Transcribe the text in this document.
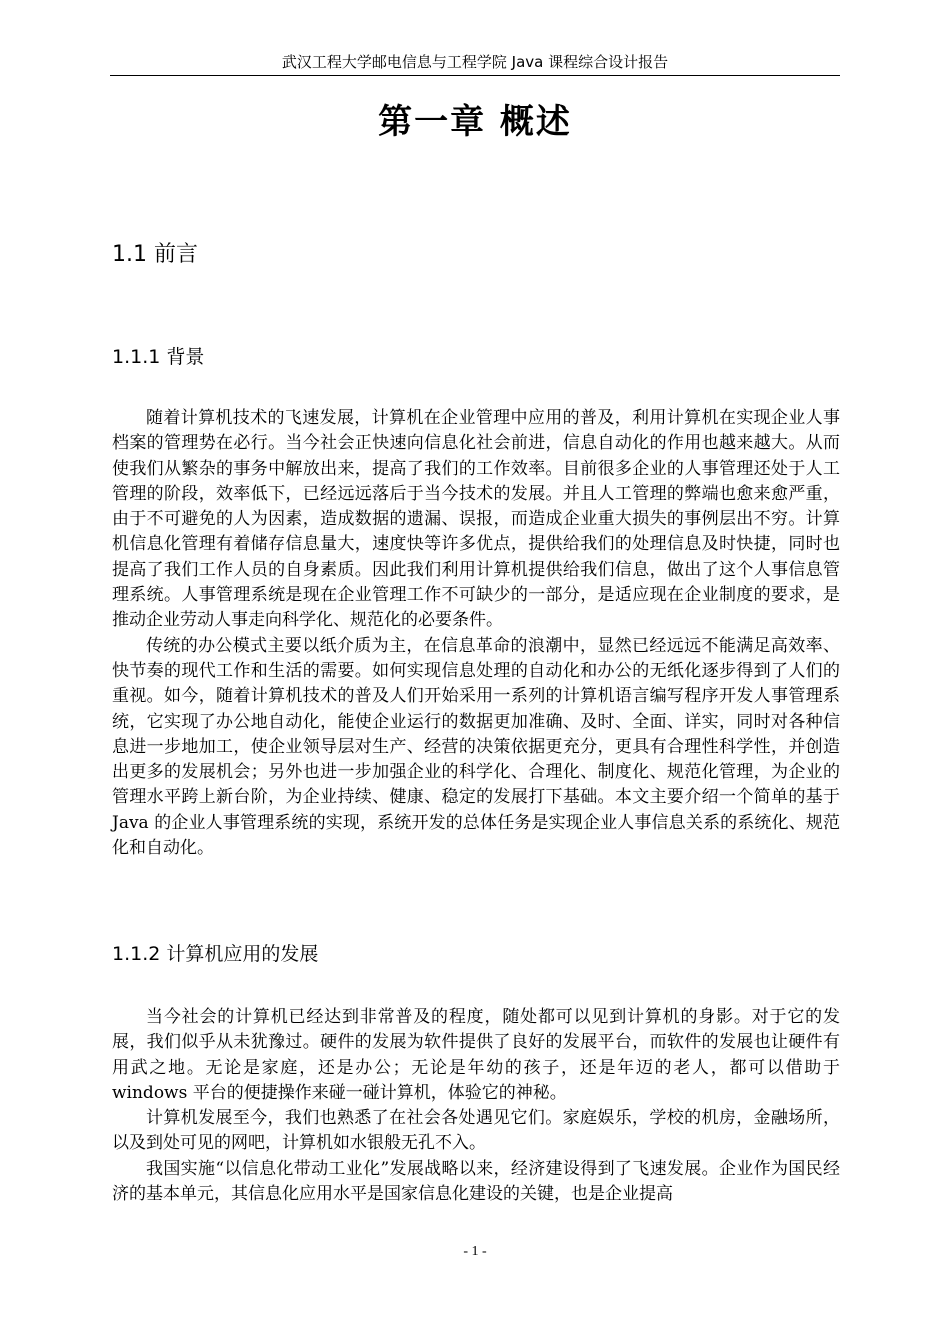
武汉工程大学邮电信息与工程学院 Java 课程综合设计报告
第一章 概述
1.1 前言
1.1.1 背景

随着计算机技术的飞速发展，计算机在企业管理中应用的普及，利用计算机在实现企业人事档案的管理势在必行。当今社会正快速向信息化社会前进，信息自动化的作用也越来越大。从而使我们从繁杂的事务中解放出来，提高了我们的工作效率。目前很多企业的人事管理还处于人工管理的阶段，效率低下，已经远远落后于当今技术的发展。并且人工管理的弊端也愈来愈严重，由于不可避免的人为因素，造成数据的遗漏、误报，而造成企业重大损失的事例层出不穷。计算机信息化管理有着储存信息量大，速度快等许多优点，提供给我们的处理信息及时快捷，同时也提高了我们工作人员的自身素质。因此我们利用计算机提供给我们信息，做出了这个人事信息管理系统。人事管理系统是现在企业管理工作不可缺少的一部分，是适应现在企业制度的要求，是推动企业劳动人事走向科学化、规范化的必要条件。

传统的办公模式主要以纸介质为主，在信息革命的浪潮中，显然已经远远不能满足高效率、快节奏的现代工作和生活的需要。如何实现信息处理的自动化和办公的无纸化逐步得到了人们的重视。如今，随着计算机技术的普及人们开始采用一系列的计算机语言编写程序开发人事管理系统，它实现了办公地自动化，能使企业运行的数据更加准确、及时、全面、详实，同时对各种信息进一步地加工，使企业领导层对生产、经营的决策依据更充分，更具有合理性科学性，并创造出更多的发展机会；另外也进一步加强企业的科学化、合理化、制度化、规范化管理，为企业的管理水平跨上新台阶，为企业持续、健康、稳定的发展打下基础。本文主要介绍一个简单的基于 Java 的企业人事管理系统的实现，系统开发的总体任务是实现企业人事信息关系的系统化、规范化和自动化。

1.1.2 计算机应用的发展

当今社会的计算机已经达到非常普及的程度，随处都可以见到计算机的身影。对于它的发展，我们似乎从未犹豫过。硬件的发展为软件提供了良好的发展平台，而软件的发展也让硬件有用武之地。无论是家庭，还是办公；无论是年幼的孩子，还是年迈的老人，都可以借助于 windows 平台的便捷操作来碰一碰计算机，体验它的神秘。

计算机发展至今，我们也熟悉了在社会各处遇见它们。家庭娱乐，学校的机房，金融场所，以及到处可见的网吧，计算机如水银般无孔不入。

我国实施“以信息化带动工业化”发展战略以来，经济建设得到了飞速发展。企业作为国民经济的基本单元，其信息化应用水平是国家信息化建设的关键，也是企业提高

- 1 -
